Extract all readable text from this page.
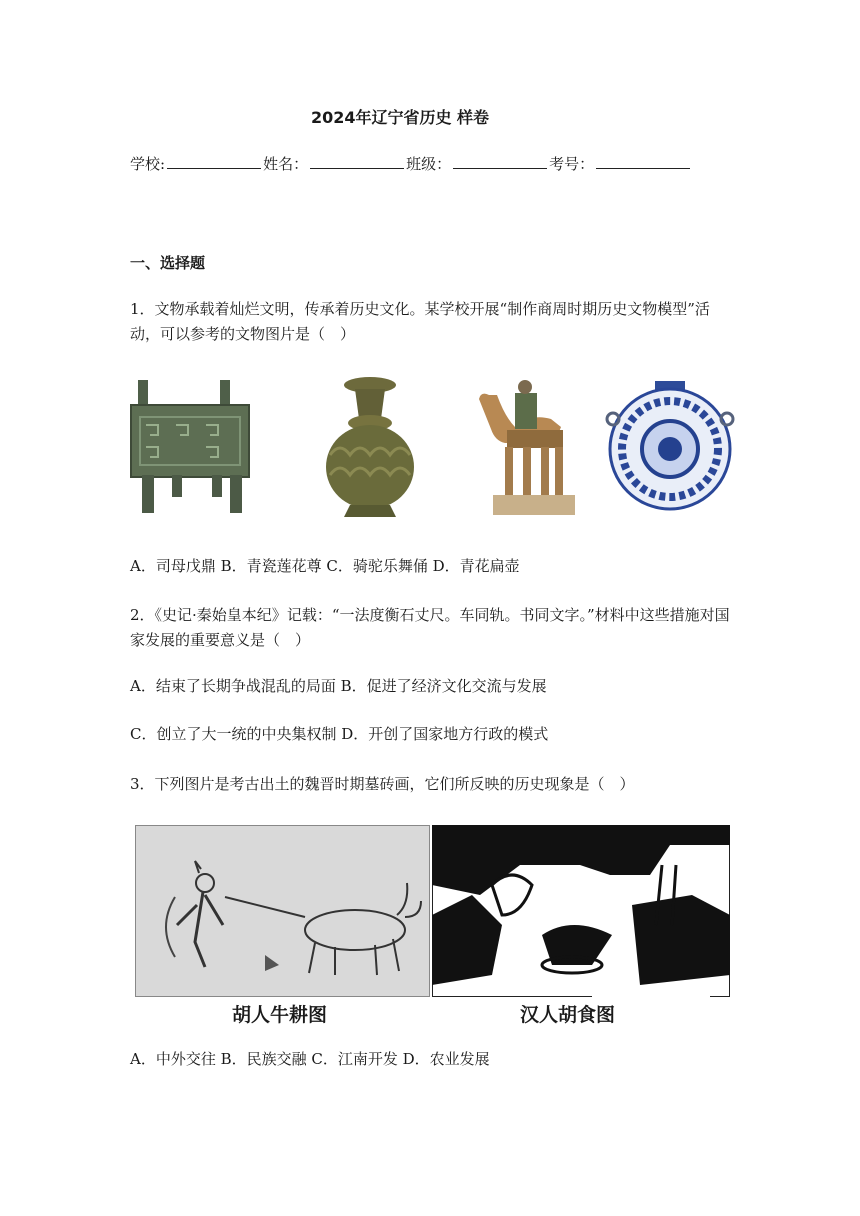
2024年辽宁省历史 样卷
学校:	姓名：	班级：	考号：
一、选择题
1．文物承载着灿烂文明，传承着历史文化。某学校开展“制作商周时期历史文物模型”活动，可以参考的文物图片是（　）
A．司母戊鼎 B．青瓷莲花尊 C．骑驼乐舞俑 D．青花扁壶
2．《史记·秦始皇本纪》记载：“一法度衡石丈尺。车同轨。书同文字。”材料中这些措施对国家发展的重要意义是（　）
A．结束了长期争战混乱的局面 B．促进了经济文化交流与发展
C．创立了大一统的中央集权制 D．开创了国家地方行政的模式
3．下列图片是考古出土的魏晋时期墓砖画，它们所反映的历史现象是（　）
胡人牛耕图	汉人胡食图
A．中外交往 B．民族交融 C．江南开发 D．农业发展
